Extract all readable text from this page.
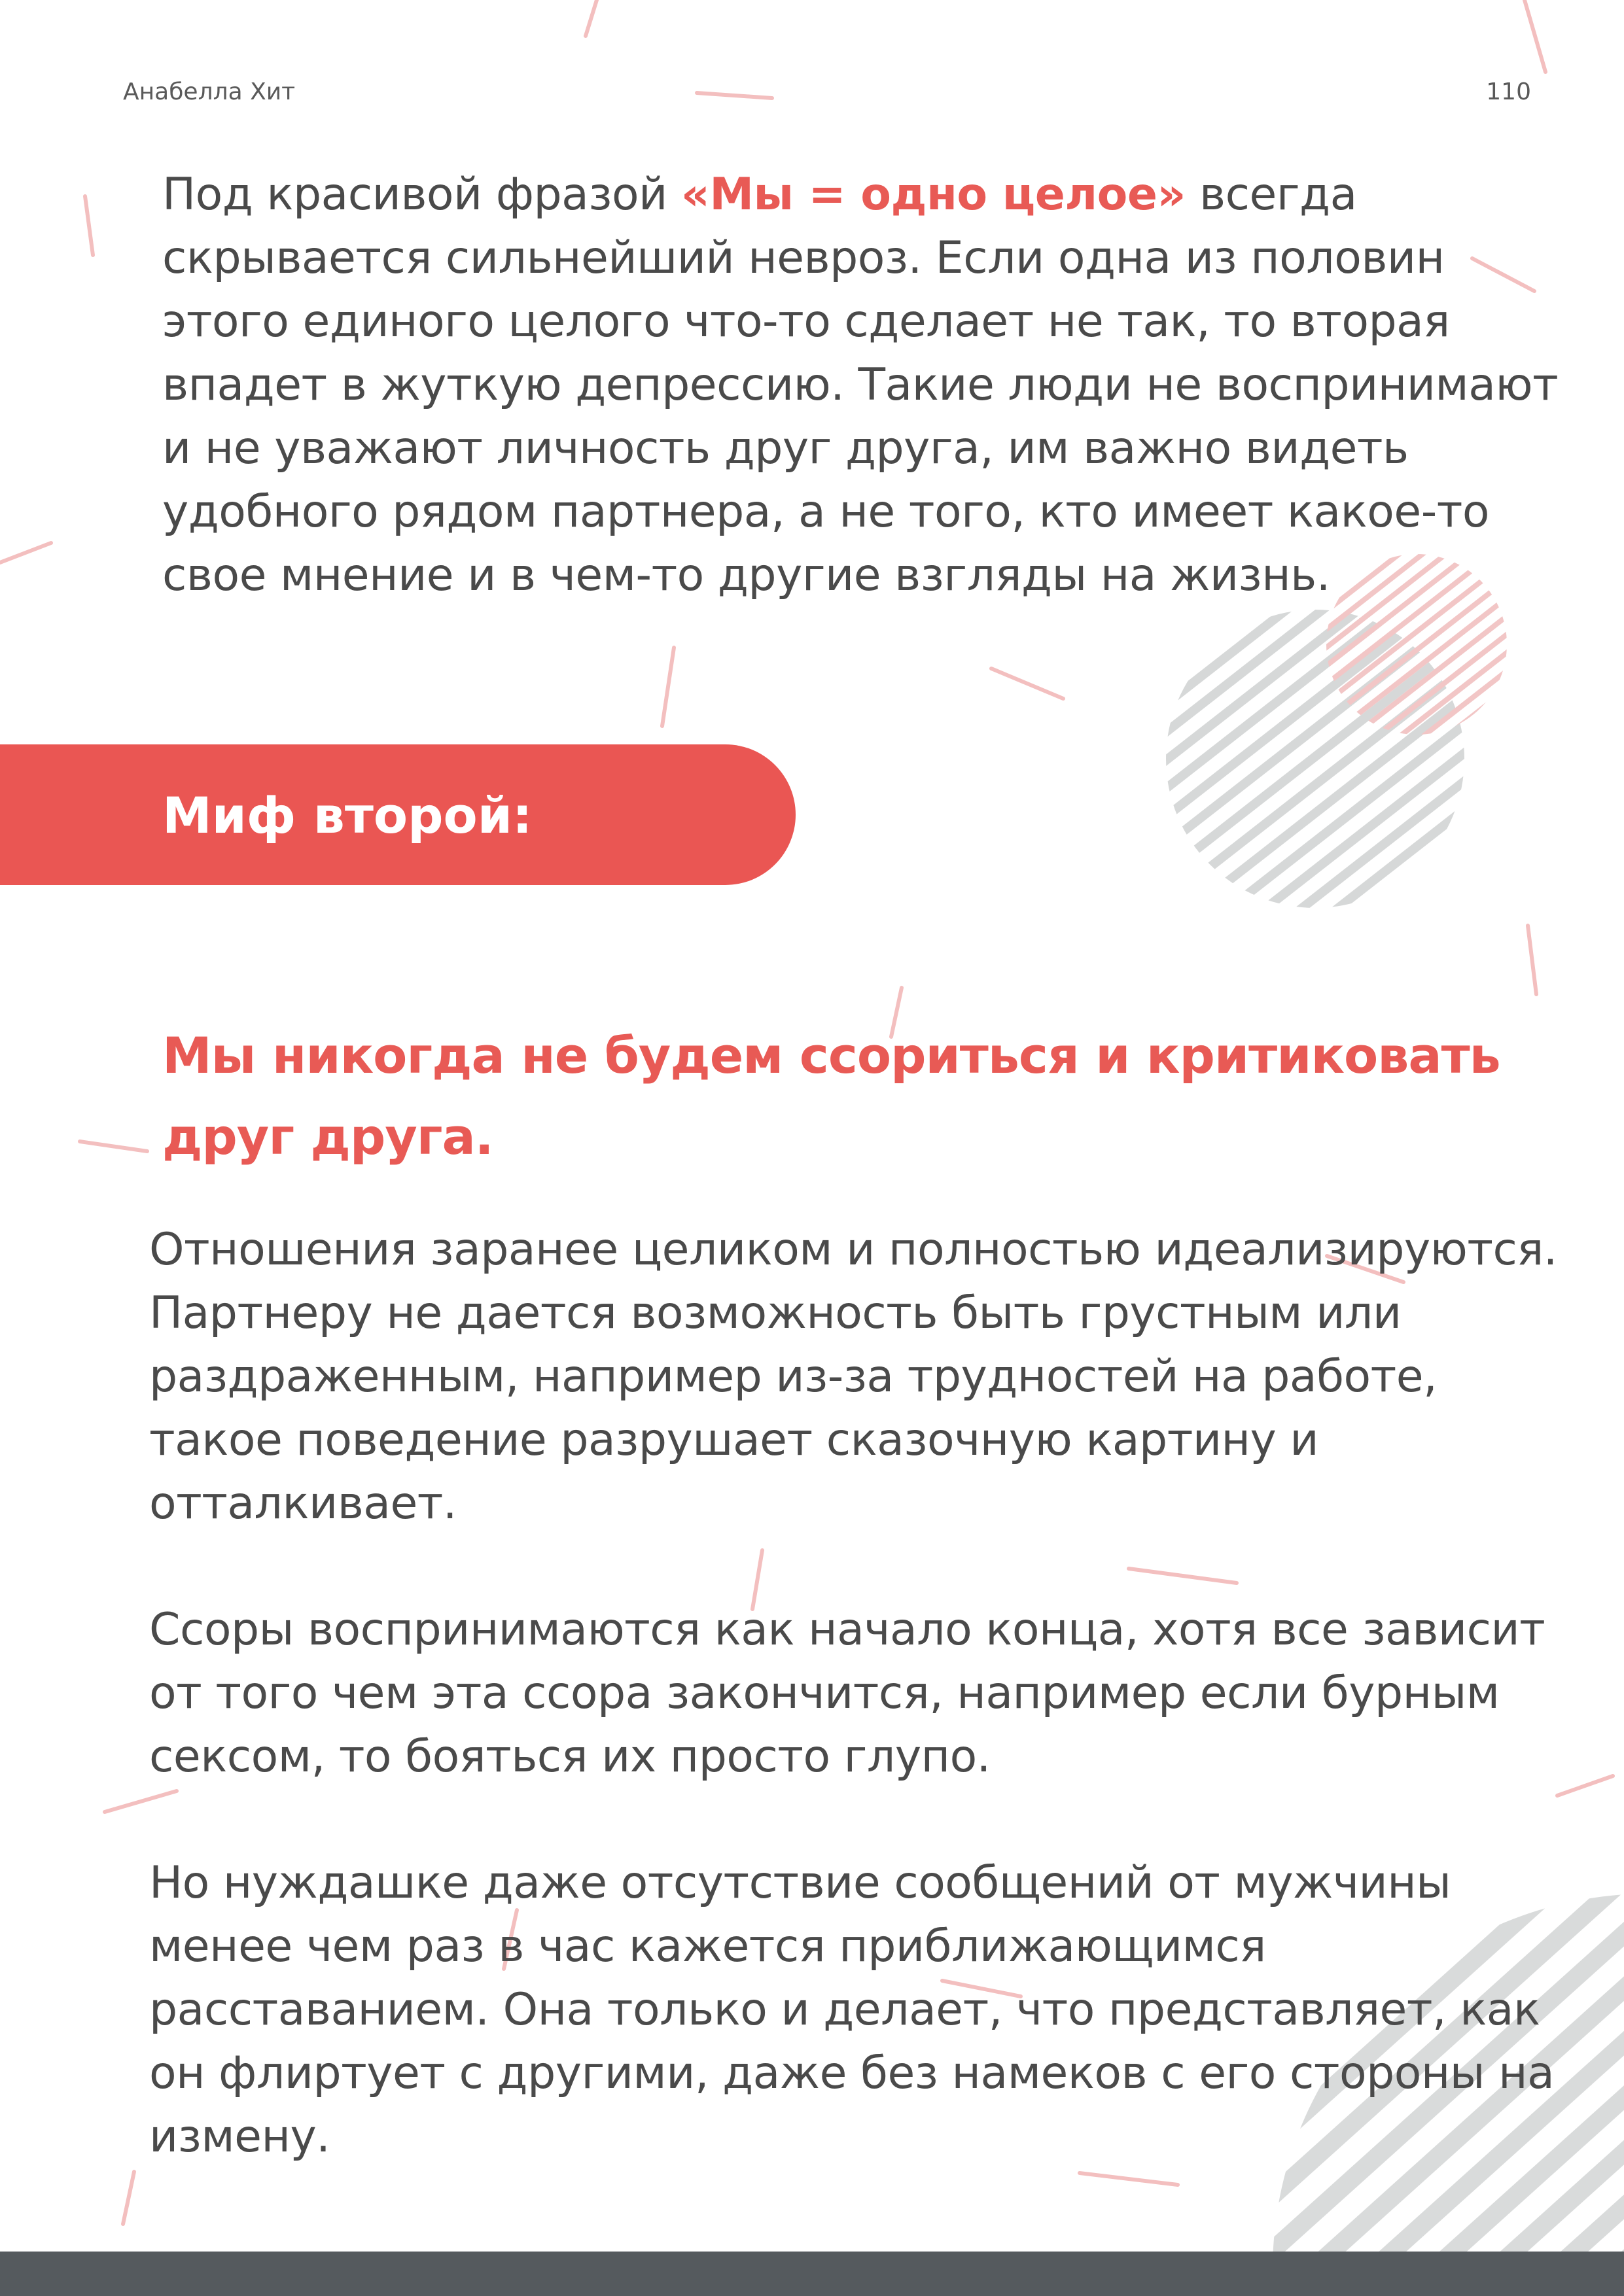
Анабелла Хит	110

Под красивой фразой «Мы = одно целое» всегда скрывается сильнейший невроз. Если одна из половин этого единого целого что-то сделает не так, то вторая впадет в жуткую депрессию. Такие люди не воспринимают и не уважают личность друг друга, им важно видеть удобного рядом партнера, а не того, кто имеет какое-то свое мнение и в чем-то другие взгляды на жизнь.

Миф второй:
Мы никогда не будем ссориться и критиковать друг друга.

Отношения заранее целиком и полностью идеализируются. Партнеру не дается возможность быть грустным или раздраженным, например из-за трудностей на работе, такое поведение разрушает сказочную картину и отталкивает.

Ссоры воспринимаются как начало конца, хотя все зависит от того чем эта ссора закончится, например если бурным сексом, то бояться их просто глупо.

Но нуждашке даже отсутствие сообщений от мужчины менее чем раз в час кажется приближающимся расставанием. Она только и делает, что представляет, как он флиртует с другими, даже без намеков с его стороны на измену.
